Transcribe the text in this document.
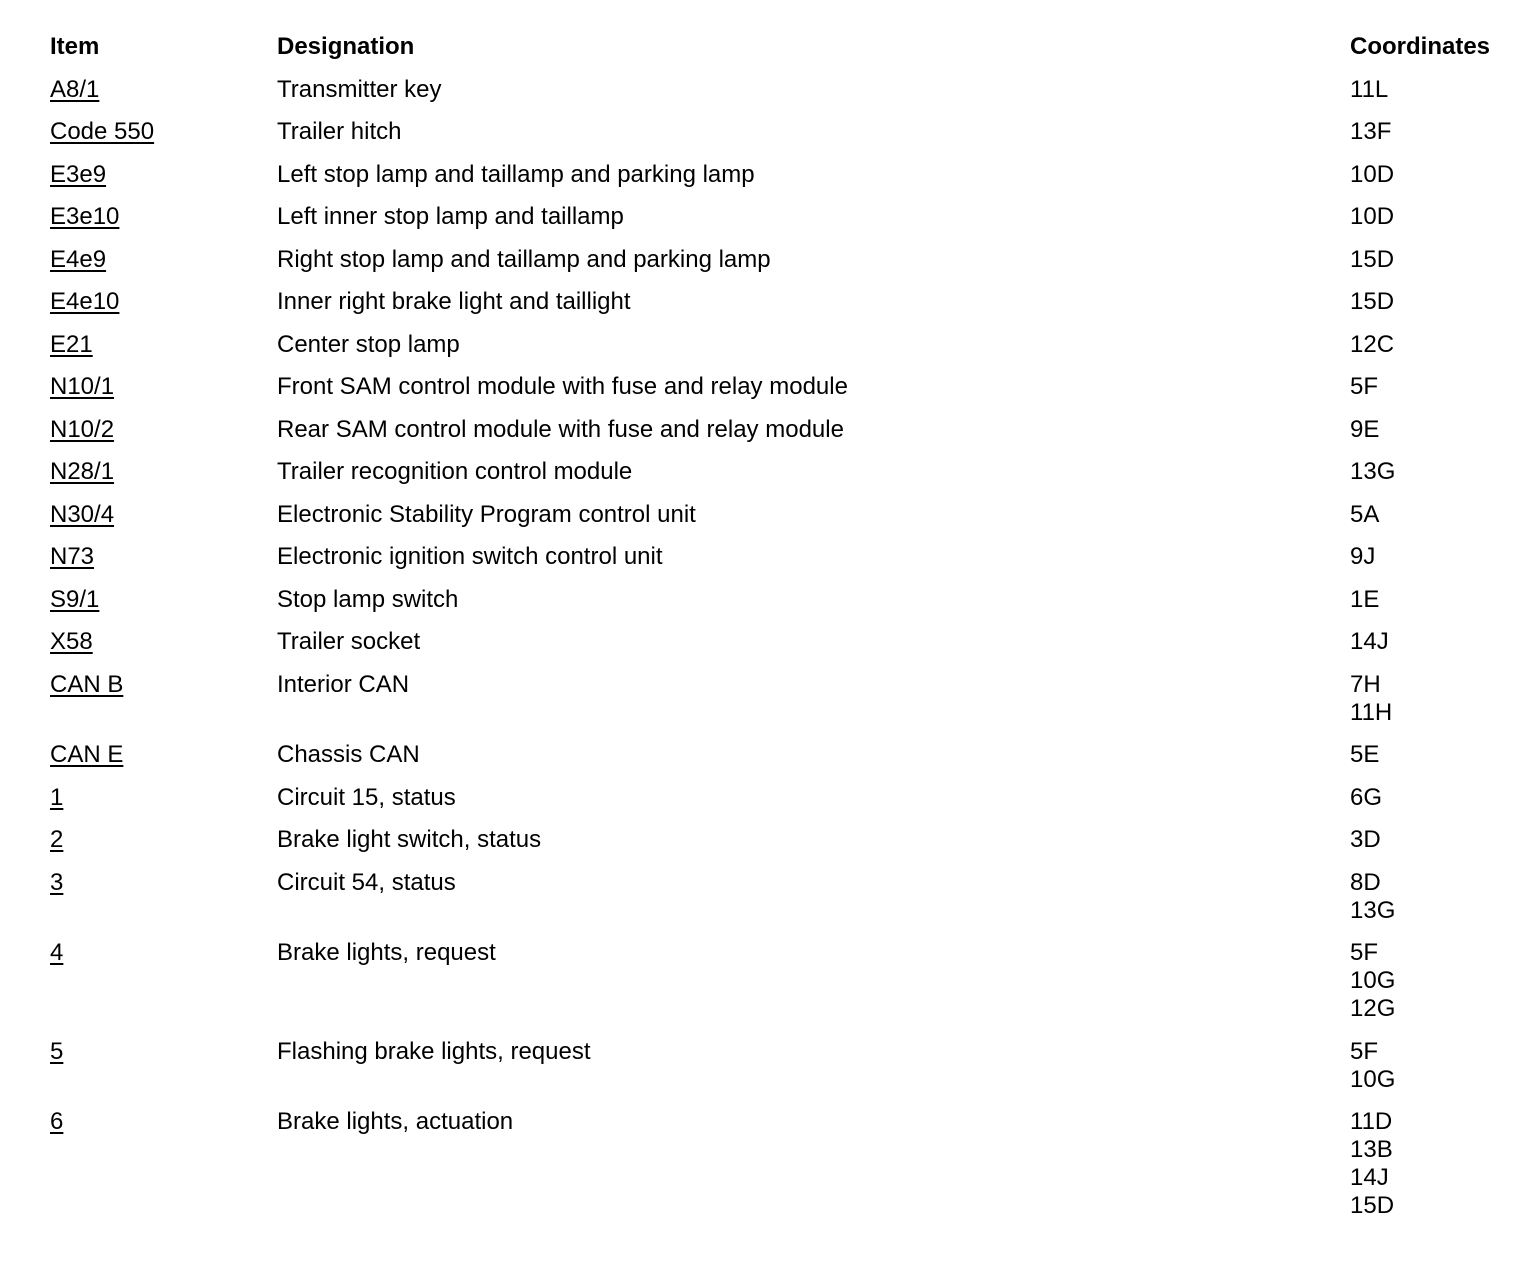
Item	Designation	Coordinates
A8/1	Transmitter key	11L
Code 550	Trailer hitch	13F
E3e9	Left stop lamp and taillamp and parking lamp	10D
E3e10	Left inner stop lamp and taillamp	10D
E4e9	Right stop lamp and taillamp and parking lamp	15D
E4e10	Inner right brake light and taillight	15D
E21	Center stop lamp	12C
N10/1	Front SAM control module with fuse and relay module	5F
N10/2	Rear SAM control module with fuse and relay module	9E
N28/1	Trailer recognition control module	13G
N30/4	Electronic Stability Program control unit	5A
N73	Electronic ignition switch control unit	9J
S9/1	Stop lamp switch	1E
X58	Trailer socket	14J
CAN B	Interior CAN	7H
11H
CAN E	Chassis CAN	5E
1	Circuit 15, status	6G
2	Brake light switch, status	3D
3	Circuit 54, status	8D
13G
4	Brake lights, request	5F
10G
12G
5	Flashing brake lights, request	5F
10G
6	Brake lights, actuation	11D
13B
14J
15D
